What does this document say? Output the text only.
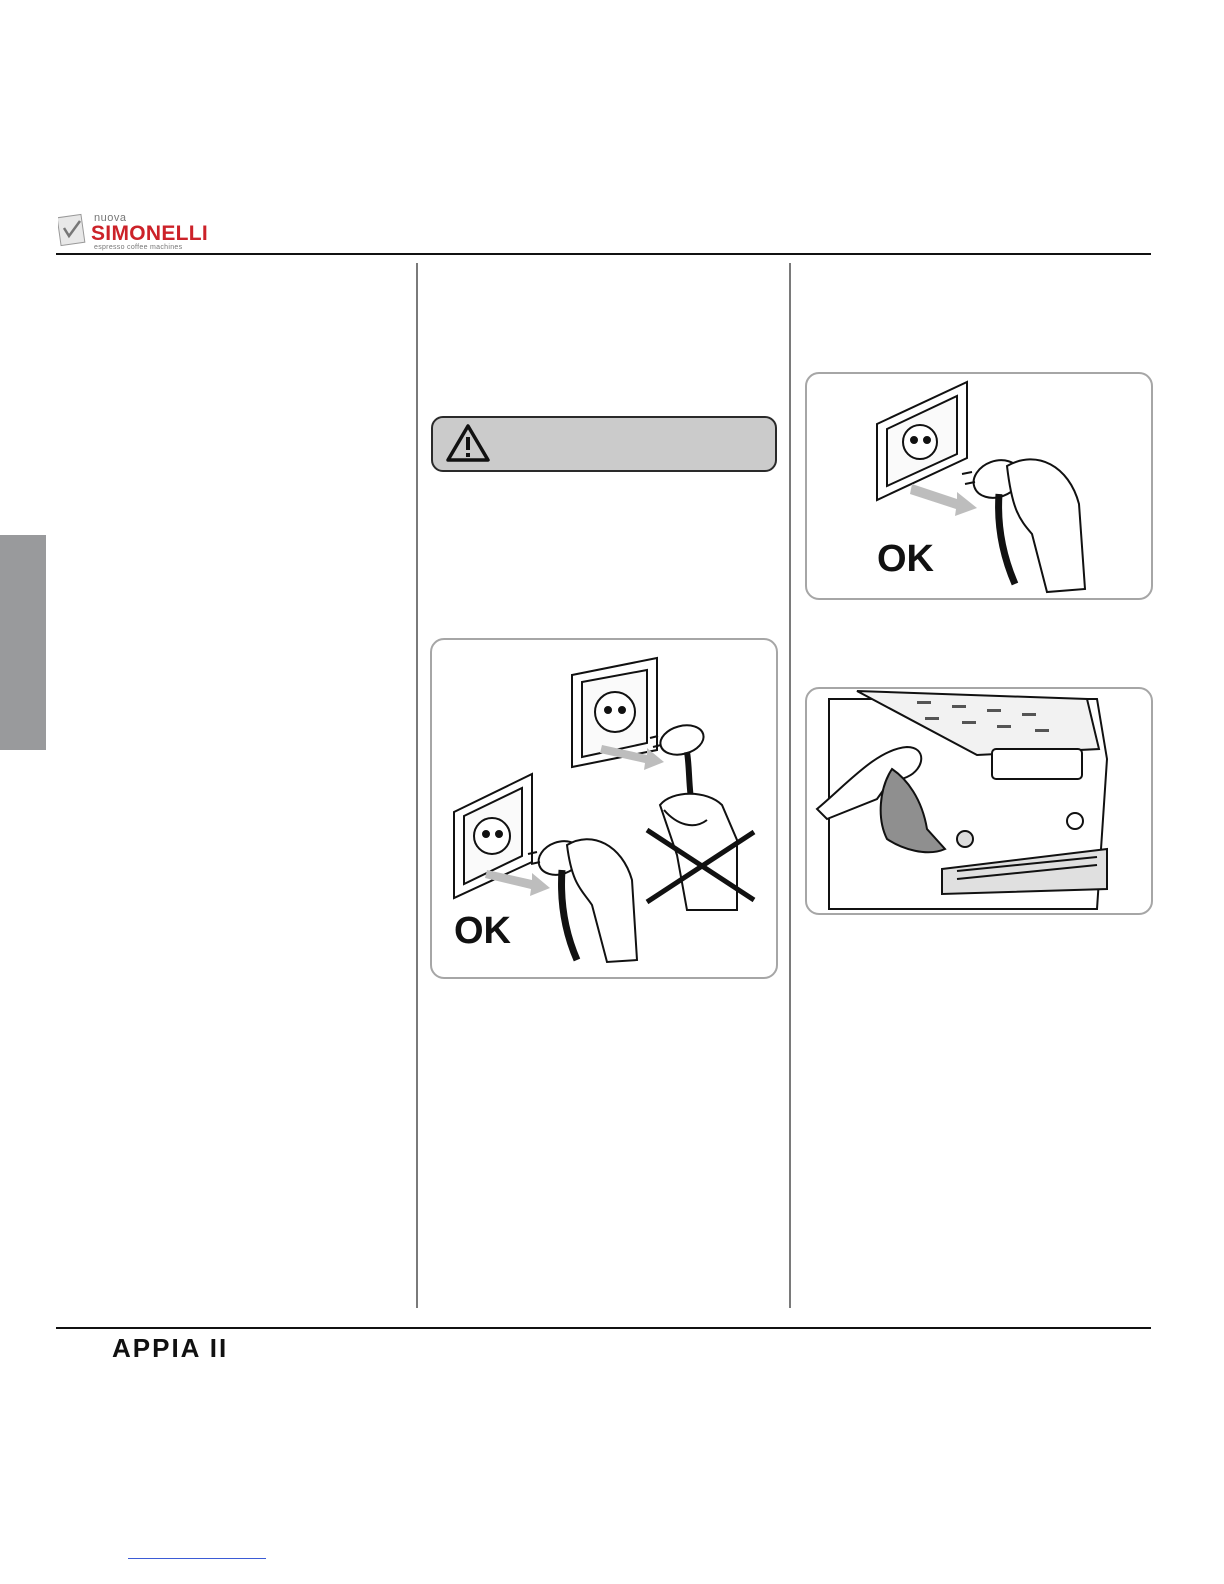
nuova
SIMONELLI
espresso coffee machines
OK
OK
APPIA II
